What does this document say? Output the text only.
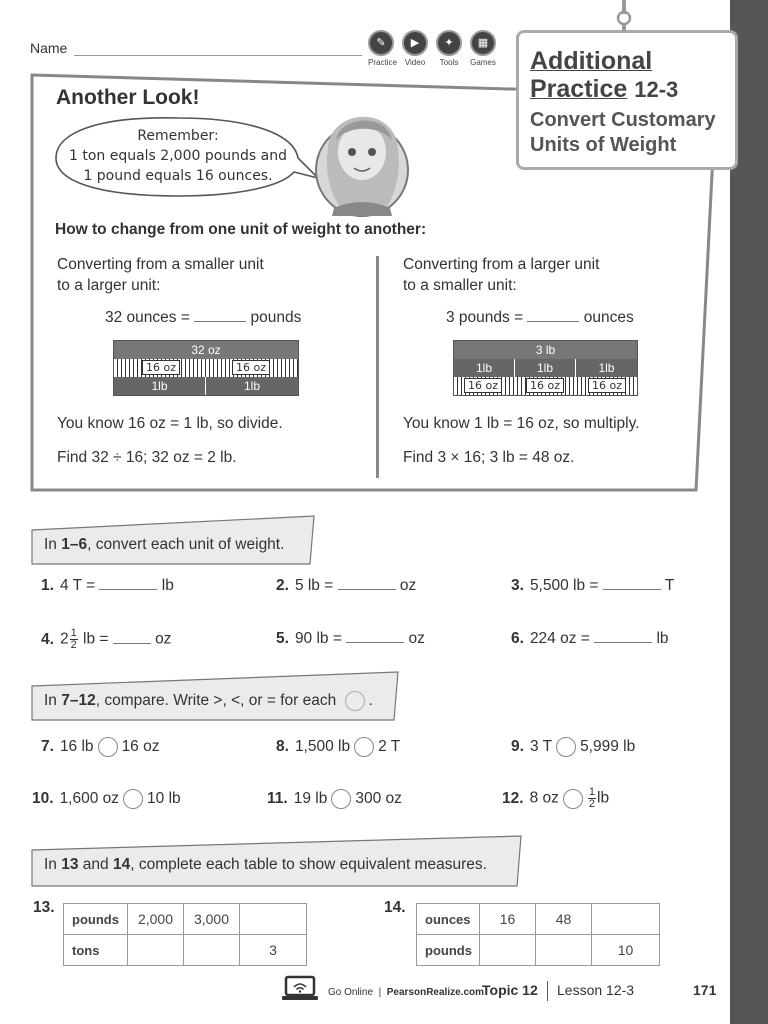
Name	✎
Practice
▶
Video
✦
Tools
▦
Games Additional
Practice 12-3
Convert Customary
Units of Weight
Another Look!
Remember:
1 ton equals 2,000 pounds and
1 pound equals 16 ounces.
How to change from one unit of weight to another:
Converting from a smaller unit
to a larger unit:
32 ounces =	pounds
32 oz
16 oz	16 oz
1lb	1lb
You know 16 oz = 1 lb, so divide.
Find 32 ÷ 16; 32 oz = 2 lb.
Converting from a larger unit
to a smaller unit:
3 pounds =	ounces
3 lb
1lb	1lb	1lb
16 oz	16 oz	16 oz
You know 1 lb = 16 oz, so multiply.
Find 3 × 16; 3 lb = 48 oz.
In 1–6, convert each unit of weight.
1. 4 T =	lb	2. 5 lb =	oz	3. 5,500 lb =	T
4. $2 \frac{1}{2}$ lb =	oz	5. 90 lb =	oz	6. 224 oz =	lb
In 7–12, compare. Write >, <, or = for each .
7. 16 lb 16 oz	8. 1,500 lb 2 T	9. 3 T 5,999 lb
10. 1,600 oz 10 lb	11. 19 lb 300 oz	12. 8 oz	$\frac{1}{2}$ lb
In 13 and 14, complete each table to show equivalent measures.
13.
pounds	2,000	3,000	
tons			3
14.
ounces	16	48	
pounds			10
Go Online  |  PearsonRealize.com
Topic 12 Lesson 12-3	171
